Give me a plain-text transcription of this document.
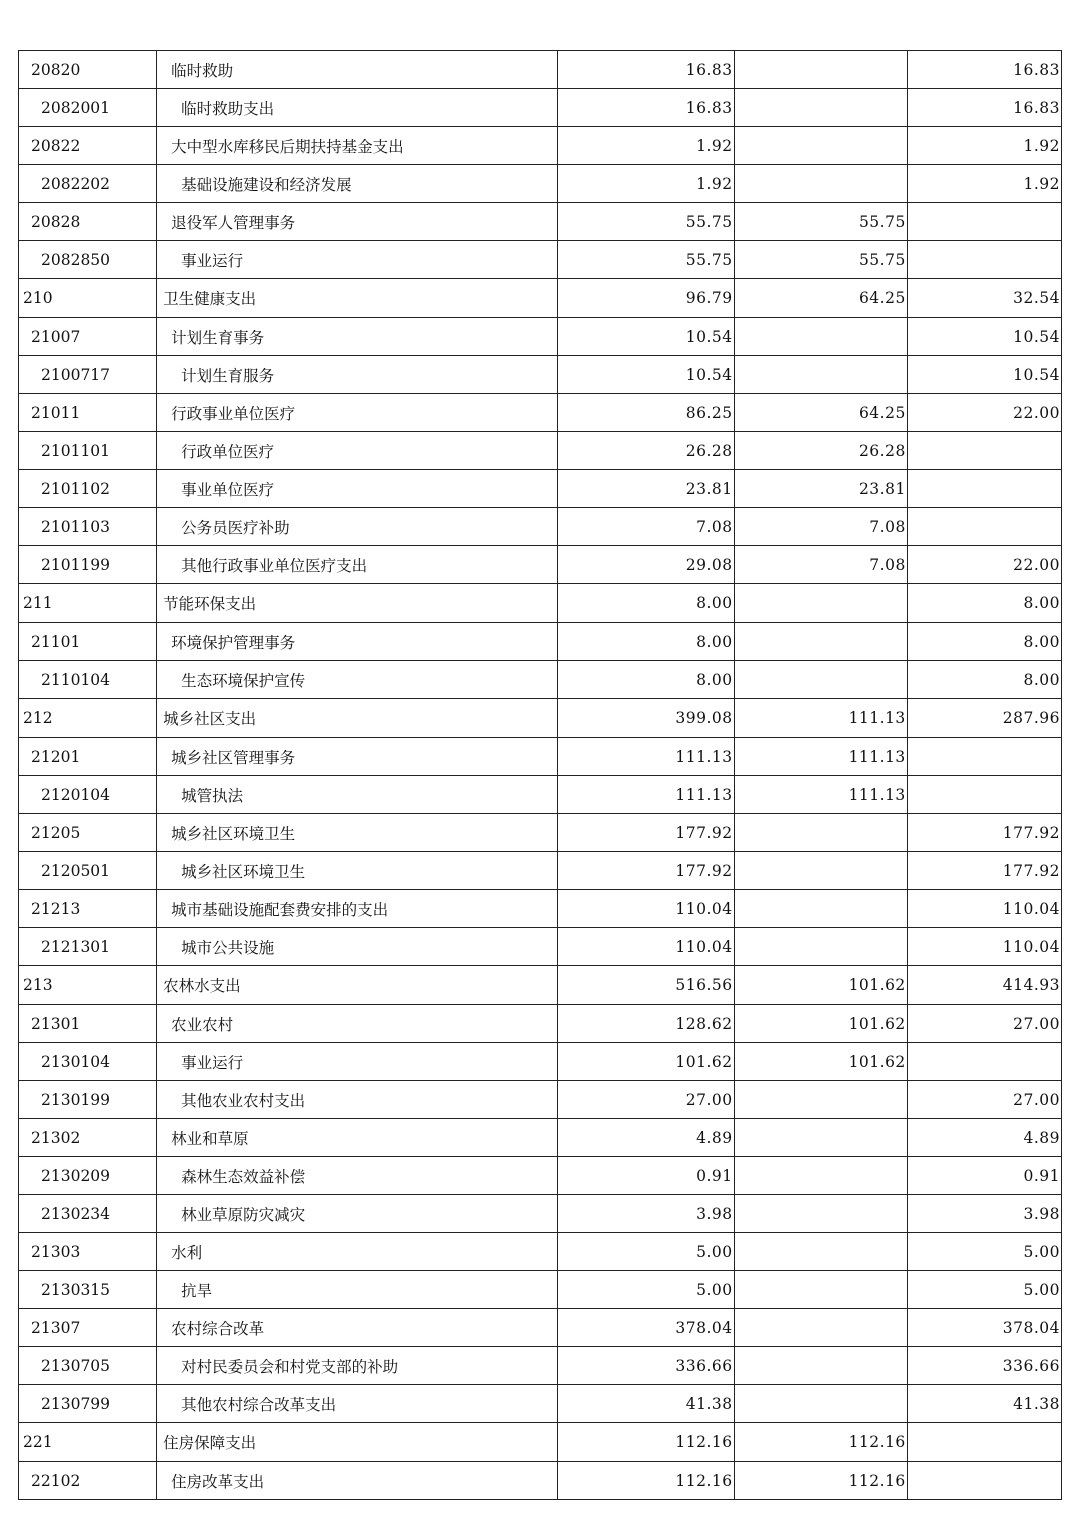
20820	临时救助	16.83		16.83
2082001	临时救助支出	16.83		16.83
20822	大中型水库移民后期扶持基金支出	1.92		1.92
2082202	基础设施建设和经济发展	1.92		1.92
20828	退役军人管理事务	55.75	55.75	
2082850	事业运行	55.75	55.75	
210	卫生健康支出	96.79	64.25	32.54
21007	计划生育事务	10.54		10.54
2100717	计划生育服务	10.54		10.54
21011	行政事业单位医疗	86.25	64.25	22.00
2101101	行政单位医疗	26.28	26.28	
2101102	事业单位医疗	23.81	23.81	
2101103	公务员医疗补助	7.08	7.08	
2101199	其他行政事业单位医疗支出	29.08	7.08	22.00
211	节能环保支出	8.00		8.00
21101	环境保护管理事务	8.00		8.00
2110104	生态环境保护宣传	8.00		8.00
212	城乡社区支出	399.08	111.13	287.96
21201	城乡社区管理事务	111.13	111.13	
2120104	城管执法	111.13	111.13	
21205	城乡社区环境卫生	177.92		177.92
2120501	城乡社区环境卫生	177.92		177.92
21213	城市基础设施配套费安排的支出	110.04		110.04
2121301	城市公共设施	110.04		110.04
213	农林水支出	516.56	101.62	414.93
21301	农业农村	128.62	101.62	27.00
2130104	事业运行	101.62	101.62	
2130199	其他农业农村支出	27.00		27.00
21302	林业和草原	4.89		4.89
2130209	森林生态效益补偿	0.91		0.91
2130234	林业草原防灾减灾	3.98		3.98
21303	水利	5.00		5.00
2130315	抗旱	5.00		5.00
21307	农村综合改革	378.04		378.04
2130705	对村民委员会和村党支部的补助	336.66		336.66
2130799	其他农村综合改革支出	41.38		41.38
221	住房保障支出	112.16	112.16	
22102	住房改革支出	112.16	112.16	
